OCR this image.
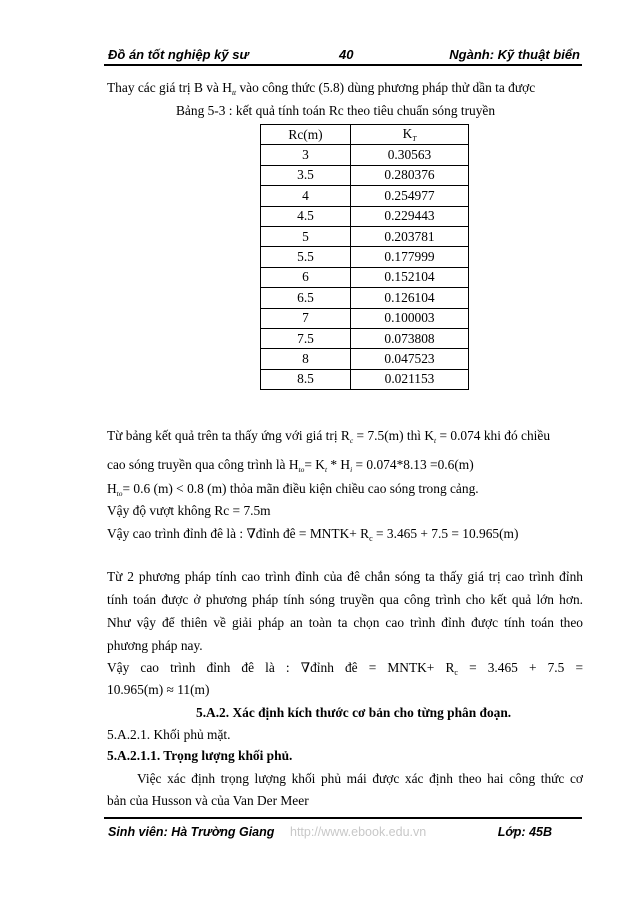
Đồ án tốt nghiệp kỹ sư	40	Ngành: Kỹ thuật biển
Thay các giá trị B và $H_{tt}$ vào công thức (5.8) dùng phương pháp thử dần ta được
Bảng 5-3 : kết quả tính toán Rc theo tiêu chuẩn sóng truyền
Rc(m)	$K_T$
3	0.30563
3.5	0.280376
4	0.254977
4.5	0.229443
5	0.203781
5.5	0.177999
6	0.152104
6.5	0.126104
7	0.100003
7.5	0.073808
8	0.047523
8.5	0.021153
Từ bảng kết quả trên ta thấy ứng với giá trị $R_c = 7.5(m)$ thì $K_t = 0.074$ khi đó chiều
cao sóng truyền qua công trình là $H_{to}= K_t * H_i = 0.074*8.13 =0.6(m)$
$H_{to}= 0.6$ (m) < 0.8 (m) thỏa mãn điều kiện chiều cao sóng trong cảng.
Vậy độ vượt không Rc = 7.5m
Vậy cao trình đỉnh đê là : ∇đỉnh đê = MNTK+ $R_c = 3.465 + 7.5 = 10.965(m)$
Từ 2 phương pháp tính cao trình đỉnh của đê chắn sóng ta thấy giá trị cao trình đỉnh
tính toán được ở phương pháp tính sóng truyền qua công trình cho kết quả lớn hơn.
Như vậy để thiên về giải pháp an toàn ta chọn cao trình đỉnh được tính toán theo
phương pháp nay.
Vậy cao trình đỉnh đê là : ∇đỉnh đê = MNTK+ $R_c = 3.465 + 7.5$ =
10.965(m) ≈ 11(m)
5.A.2. Xác định kích thước cơ bản cho từng phân đoạn.
5.A.2.1. Khối phủ mặt.
5.A.2.1.1. Trọng lượng khối phủ.
Việc xác định trọng lượng khối phủ mái được xác định theo hai công thức cơ
bản của Husson và của Van Der Meer
Sinh viên: Hà Trường Giang http://www.ebook.edu.vn	Lớp: 45B
